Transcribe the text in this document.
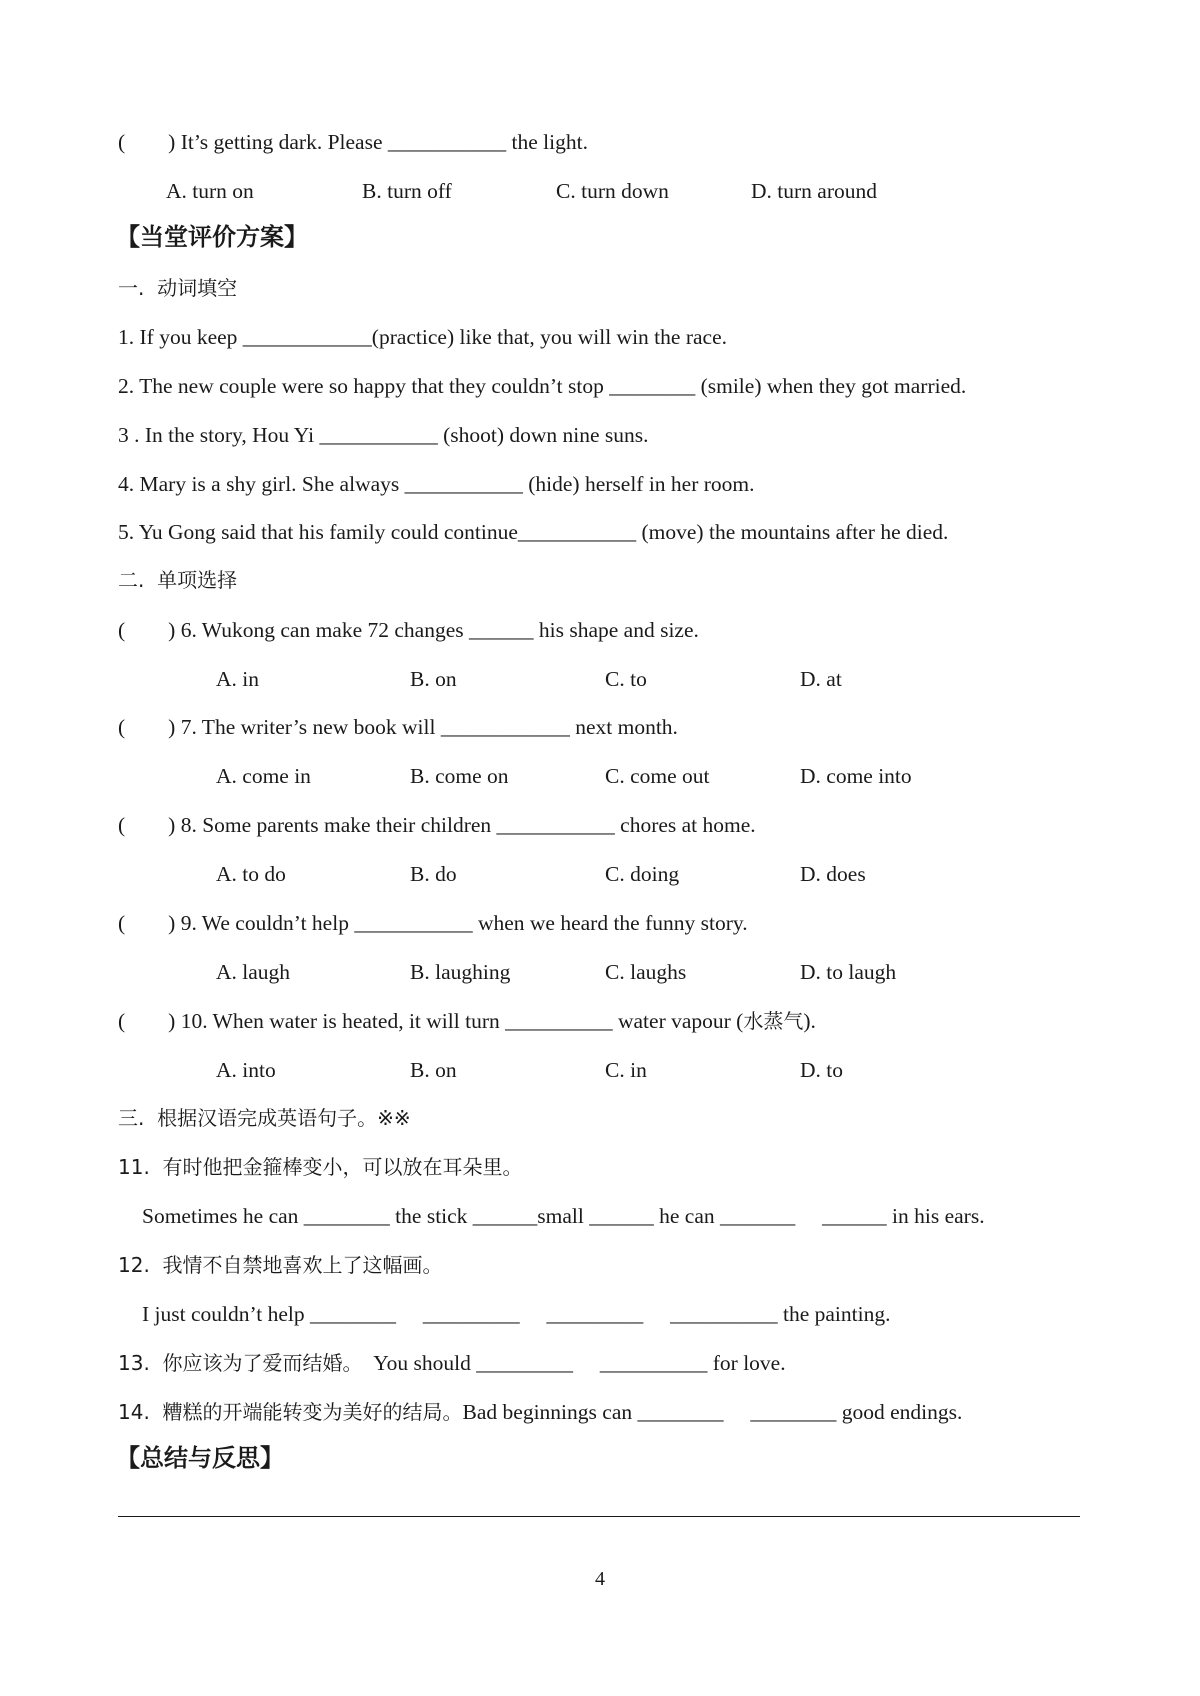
(        ) It’s getting dark. Please ___________ the light.

A. turn on

	B. turn off

	C. turn down

	D. turn around

【当堂评价方案】
一.  动词填空
1. If you keep ____________(practice) like that, you will win the race.
2. The new couple were so happy that they couldn’t stop ________ (smile) when they got married.
3 . In the story, Hou Yi ___________ (shoot) down nine suns.
4. Mary is a shy girl. She always ___________ (hide) herself in her room.
5. Yu Gong said that his family could continue___________ (move) the mountains after he died.
二.  单项选择
(        ) 6. Wukong can make 72 changes ______ his shape and size.

A. in

	B. on

	C. to

	D. at

(        ) 7. The writer’s new book will ____________ next month.

A. come in

	B. come on

	C. come out

	D. come into

(        ) 8. Some parents make their children ___________ chores at home.

A. to do

	B. do

	C. doing

	D. does

(        ) 9. We couldn’t help ___________ when we heard the funny story.

A. laugh

	B. laughing

	C. laughs

	D. to laugh

(        ) 10. When water is heated, it will turn __________ water vapour (水蒸气).

A. into

	B. on

	C. in

	D. to

三.  根据汉语完成英语句子。※※
11.  有时他把金箍棒变小，可以放在耳朵里。
Sometimes he can ________ the stick ______small ______ he can _______     ______ in his ears.
12.  我情不自禁地喜欢上了这幅画。
I just couldn’t help ________     _________     _________     __________ the painting.
13.  你应该为了爱而结婚。  You should _________     __________ for love.
14.  糟糕的开端能转变为美好的结局。Bad beginnings can ________     ________ good endings.
【总结与反思】
4
